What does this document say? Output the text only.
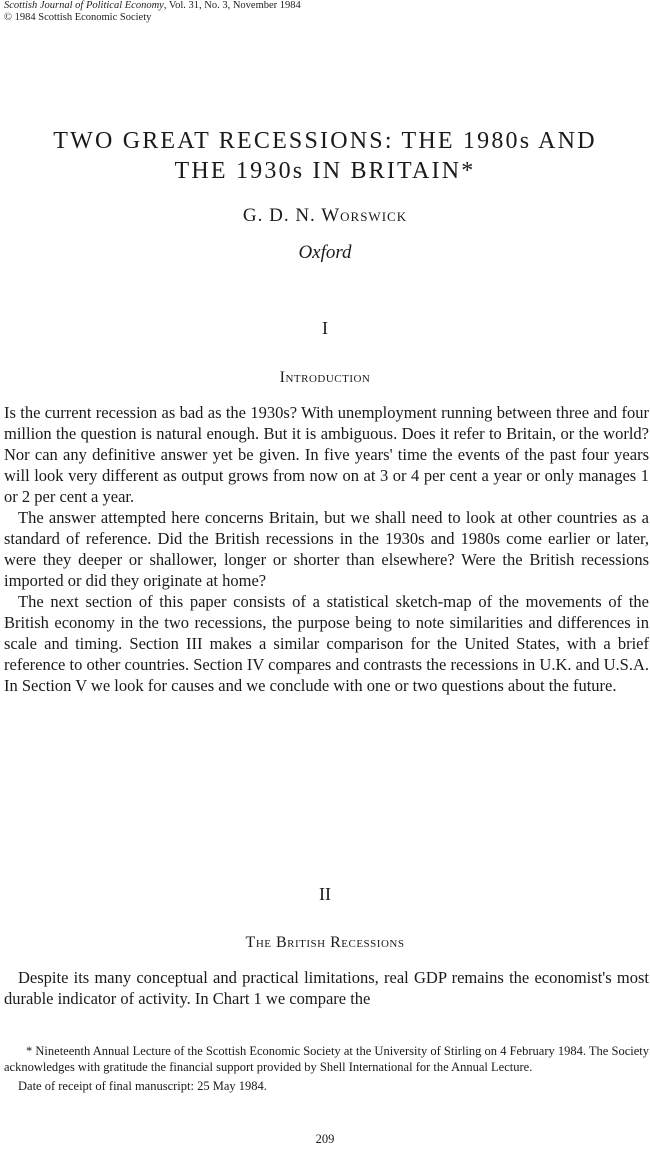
Scottish Journal of Political Economy, Vol. 31, No. 3, November 1984
© 1984 Scottish Economic Society
TWO GREAT RECESSIONS: THE 1980s AND
THE 1930s IN BRITAIN*
G. D. N. Worswick
Oxford
I
Introduction

Is the current recession as bad as the 1930s? With unemployment running between three and four million the question is natural enough. But it is ambiguous. Does it refer to Britain, or the world? Nor can any definitive answer yet be given. In five years' time the events of the past four years will look very different as output grows from now on at 3 or 4 per cent a year or only manages 1 or 2 per cent a year.

The answer attempted here concerns Britain, but we shall need to look at other countries as a standard of reference. Did the British recessions in the 1930s and 1980s come earlier or later, were they deeper or shallower, longer or shorter than elsewhere? Were the British recessions imported or did they originate at home?

The next section of this paper consists of a statistical sketch-map of the movements of the British economy in the two recessions, the purpose being to note similarities and differences in scale and timing. Section III makes a similar comparison for the United States, with a brief reference to other countries. Section IV compares and contrasts the recessions in U.K. and U.S.A. In Section V we look for causes and we conclude with one or two questions about the future.

II
The British Recessions

Despite its many conceptual and practical limitations, real GDP remains the economist's most durable indicator of activity. In Chart 1 we compare the

* Nineteenth Annual Lecture of the Scottish Economic Society at the University of Stirling on 4 February 1984. The Society acknowledges with gratitude the financial support provided by Shell International for the Annual Lecture.

Date of receipt of final manuscript: 25 May 1984.

209
